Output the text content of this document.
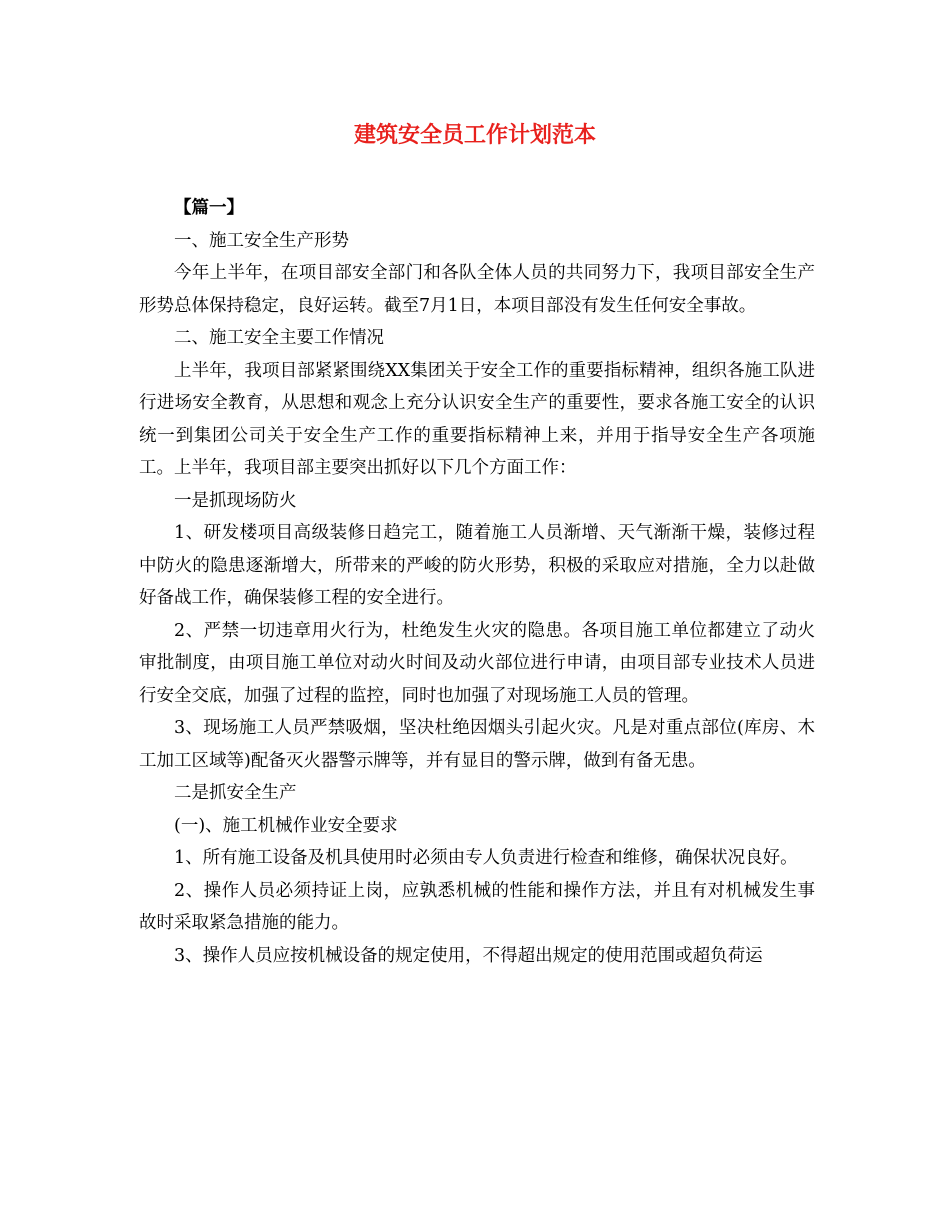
建筑安全员工作计划范本

【篇一】

一、施工安全生产形势

今年上半年，在项目部安全部门和各队全体人员的共同努力下，我项目部安全生产形势总体保持稳定，良好运转。截至7月1日，本项目部没有发生任何安全事故。

二、施工安全主要工作情况

上半年，我项目部紧紧围绕XX集团关于安全工作的重要指标精神，组织各施工队进行进场安全教育，从思想和观念上充分认识安全生产的重要性，要求各施工安全的认识统一到集团公司关于安全生产工作的重要指标精神上来，并用于指导安全生产各项施工。上半年，我项目部主要突出抓好以下几个方面工作：

一是抓现场防火

1、研发楼项目高级装修日趋完工，随着施工人员渐增、天气渐渐干燥，装修过程中防火的隐患逐渐增大，所带来的严峻的防火形势，积极的采取应对措施，全力以赴做好备战工作，确保装修工程的安全进行。

2、严禁一切违章用火行为，杜绝发生火灾的隐患。各项目施工单位都建立了动火审批制度，由项目施工单位对动火时间及动火部位进行申请，由项目部专业技术人员进行安全交底，加强了过程的监控，同时也加强了对现场施工人员的管理。

3、现场施工人员严禁吸烟，坚决杜绝因烟头引起火灾。凡是对重点部位(库房、木工加工区域等)配备灭火器警示牌等，并有显目的警示牌，做到有备无患。

二是抓安全生产

(一)、施工机械作业安全要求

1、所有施工设备及机具使用时必须由专人负责进行检查和维修，确保状况良好。

2、操作人员必须持证上岗，应孰悉机械的性能和操作方法，并且有对机械发生事故时采取紧急措施的能力。

3、操作人员应按机械设备的规定使用，不得超出规定的使用范围或超负荷运
